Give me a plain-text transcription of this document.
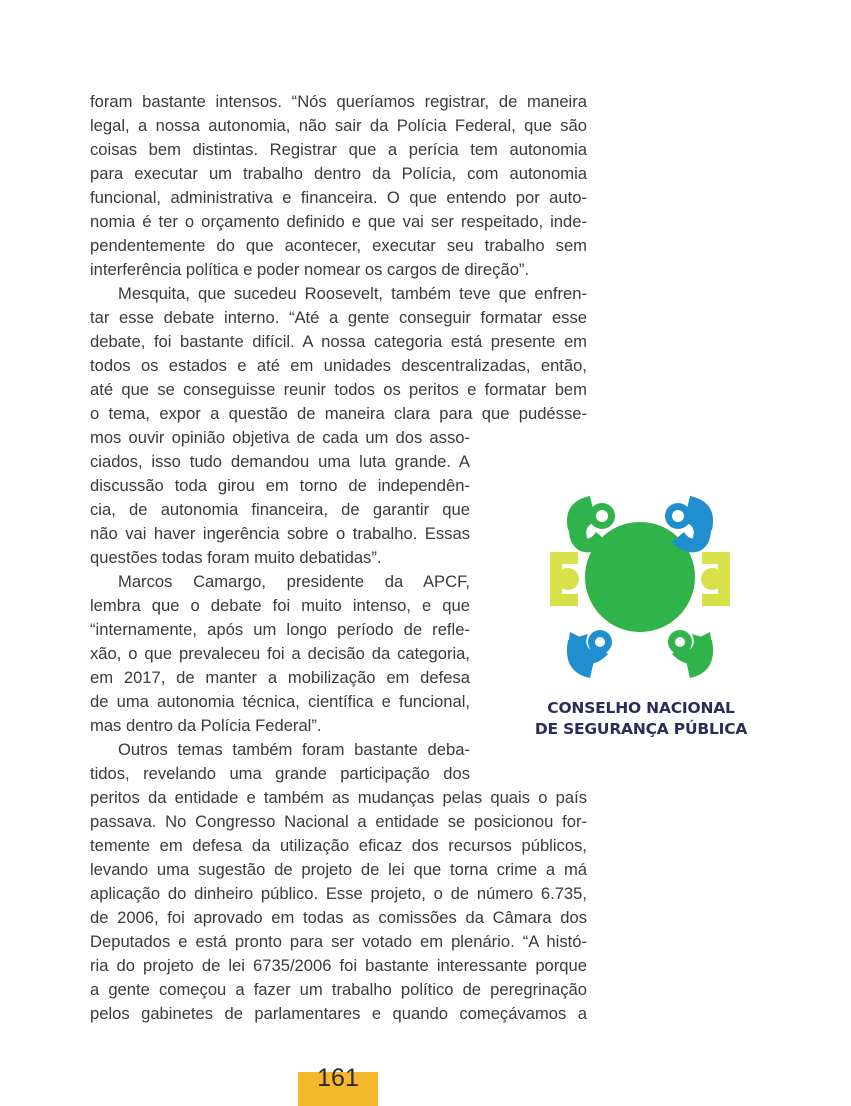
foram bastante intensos. “Nós queríamos registrar, de maneira
legal, a nossa autonomia, não sair da Polícia Federal, que são
coisas bem distintas. Registrar que a perícia tem autonomia
para executar um trabalho dentro da Polícia, com autonomia
funcional, administrativa e financeira. O que entendo por auto-
nomia é ter o orçamento definido e que vai ser respeitado, inde-
pendentemente do que acontecer, executar seu trabalho sem
interferência política e poder nomear os cargos de direção”.
Mesquita, que sucedeu Roosevelt, também teve que enfren-
tar esse debate interno. “Até a gente conseguir formatar esse
debate, foi bastante difícil. A nossa categoria está presente em
todos os estados e até em unidades descentralizadas, então,
até que se conseguisse reunir todos os peritos e formatar bem
o tema, expor a questão de maneira clara para que pudésse-
mos ouvir opinião objetiva de cada um dos asso-
ciados, isso tudo demandou uma luta grande. A
discussão toda girou em torno de independên-
cia, de autonomia financeira, de garantir que
não vai haver ingerência sobre o trabalho. Essas
questões todas foram muito debatidas”.
Marcos Camargo, presidente da APCF,
lembra que o debate foi muito intenso, e que
“internamente, após um longo período de refle-
xão, o que prevaleceu foi a decisão da categoria,
em 2017, de manter a mobilização em defesa
de uma autonomia técnica, científica e funcional,
mas dentro da Polícia Federal”.
Outros temas também foram bastante deba-
tidos, revelando uma grande participação dos
peritos da entidade e também as mudanças pelas quais o país
passava. No Congresso Nacional a entidade se posicionou for-
temente em defesa da utilização eficaz dos recursos públicos,
levando uma sugestão de projeto de lei que torna crime a má
aplicação do dinheiro público. Esse projeto, o de número 6.735,
de 2006, foi aprovado em todas as comissões da Câmara dos
Deputados e está pronto para ser votado em plenário. “A histó-
ria do projeto de lei 6735/2006 foi bastante interessante porque
a gente começou a fazer um trabalho político de peregrinação
pelos gabinetes de parlamentares e quando começávamos a
CONSELHO NACIONAL
DE SEGURANÇA PÚBLICA
161
